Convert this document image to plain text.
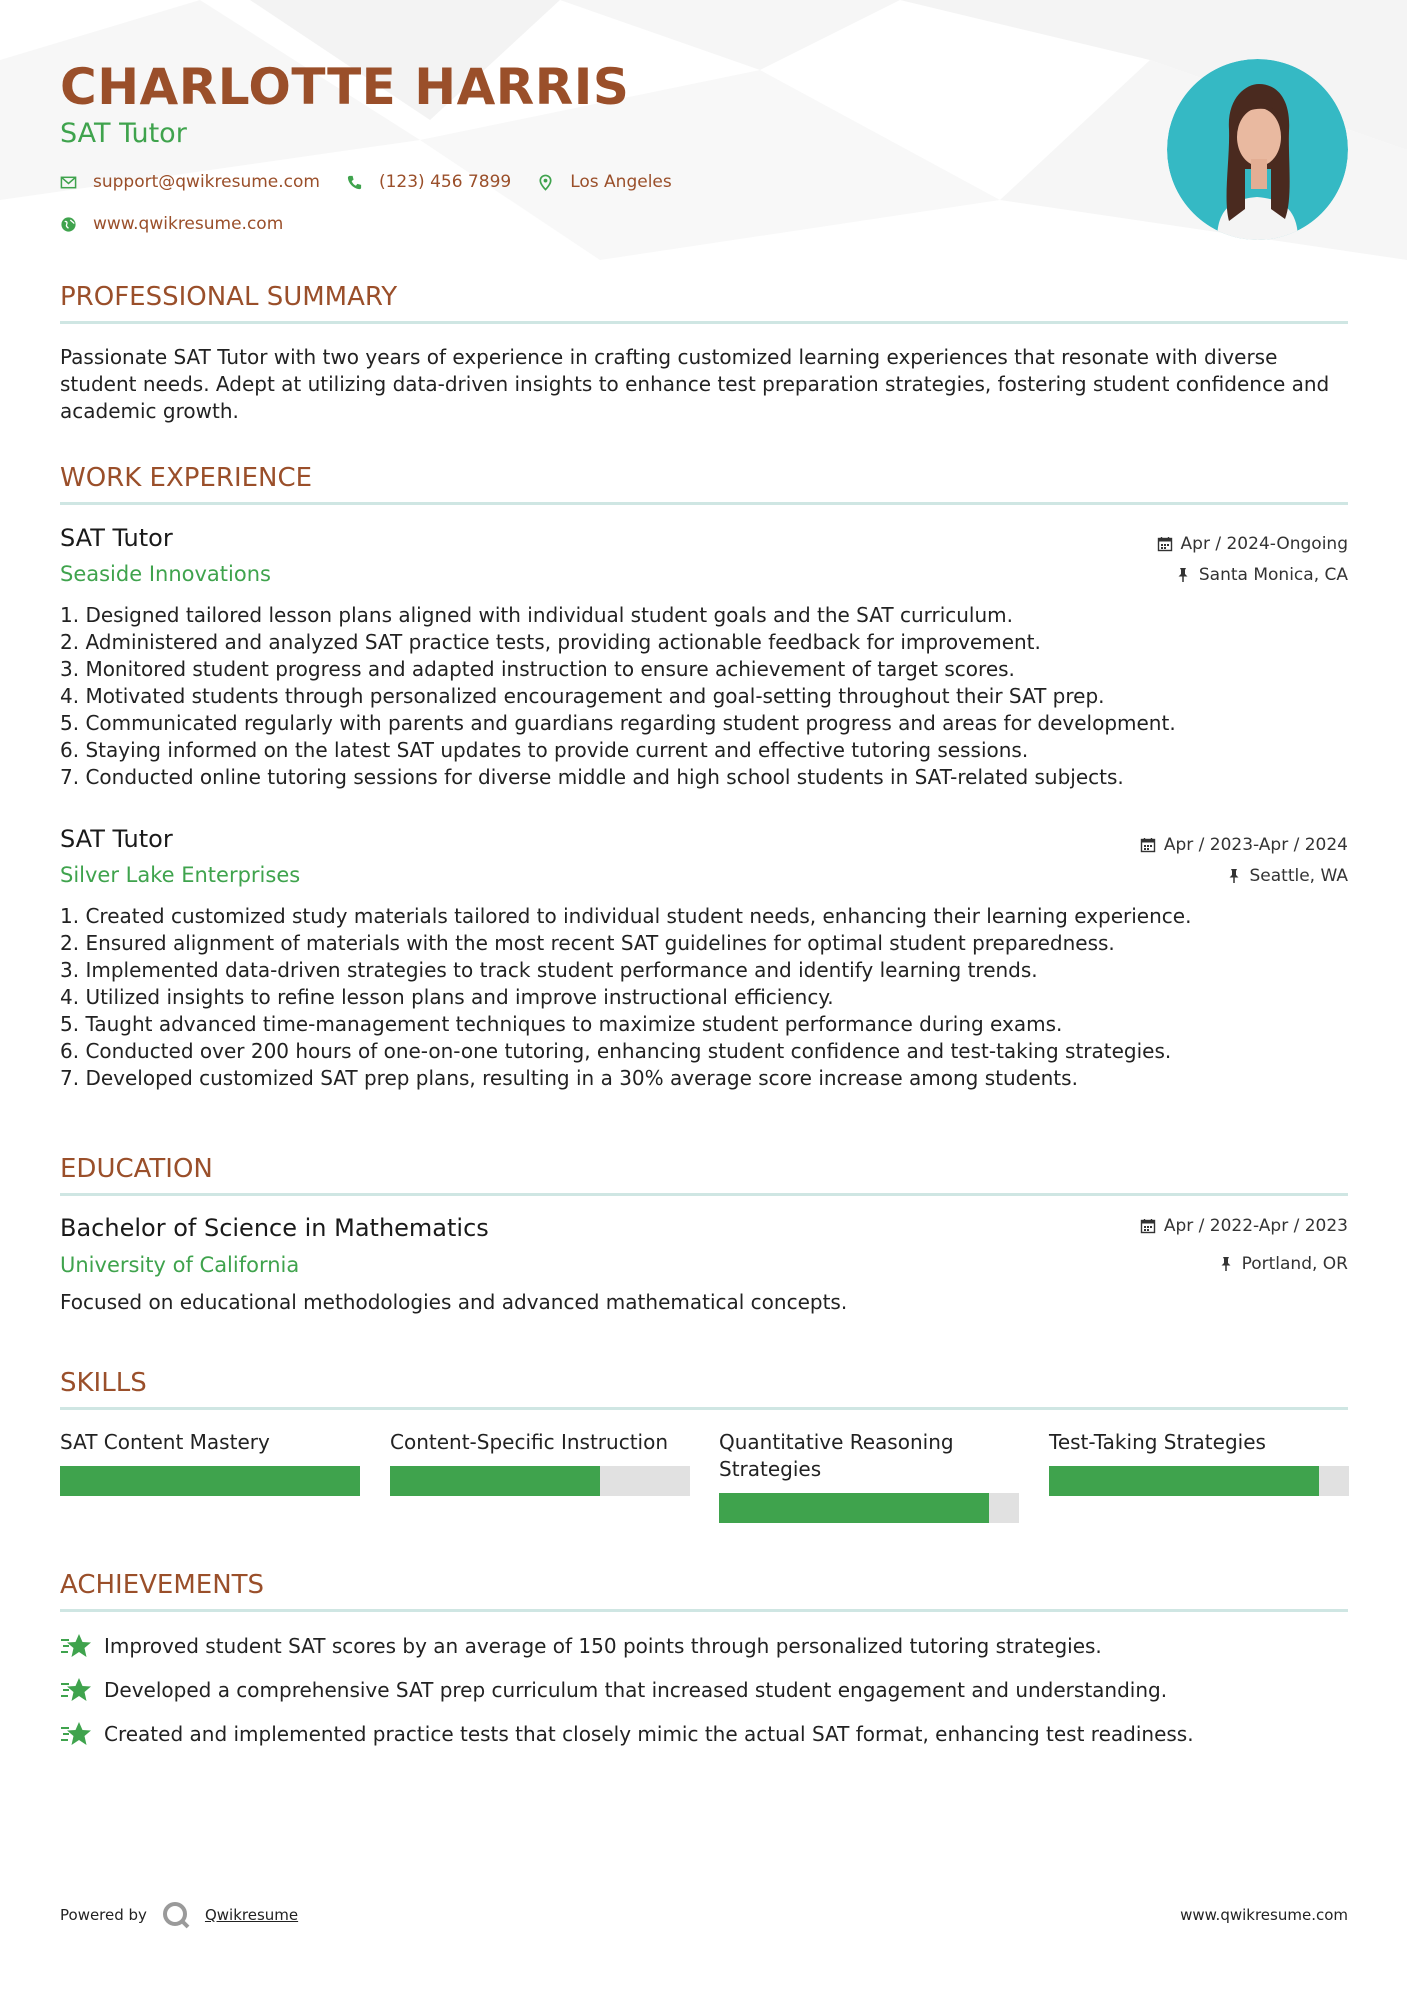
CHARLOTTE HARRIS
SAT Tutor
support@qwikresume.com	(123) 456 7899	Los Angeles
www.qwikresume.com
PROFESSIONAL SUMMARY

Passionate SAT Tutor with two years of experience in crafting customized learning experiences that resonate with diverse student needs. Adept at utilizing data-driven insights to enhance test preparation strategies, fostering student confidence and academic growth.

WORK EXPERIENCE
SAT Tutor
Seaside Innovations
Apr / 2024-Ongoing
Santa Monica, CA
1. Designed tailored lesson plans aligned with individual student goals and the SAT curriculum.
2. Administered and analyzed SAT practice tests, providing actionable feedback for improvement.
3. Monitored student progress and adapted instruction to ensure achievement of target scores.
4. Motivated students through personalized encouragement and goal-setting throughout their SAT prep.
5. Communicated regularly with parents and guardians regarding student progress and areas for development.
6. Staying informed on the latest SAT updates to provide current and effective tutoring sessions.
7. Conducted online tutoring sessions for diverse middle and high school students in SAT-related subjects.
SAT Tutor
Silver Lake Enterprises
Apr / 2023-Apr / 2024
Seattle, WA
1. Created customized study materials tailored to individual student needs, enhancing their learning experience.
2. Ensured alignment of materials with the most recent SAT guidelines for optimal student preparedness.
3. Implemented data-driven strategies to track student performance and identify learning trends.
4. Utilized insights to refine lesson plans and improve instructional efficiency.
5. Taught advanced time-management techniques to maximize student performance during exams.
6. Conducted over 200 hours of one-on-one tutoring, enhancing student confidence and test-taking strategies.
7. Developed customized SAT prep plans, resulting in a 30% average score increase among students.
EDUCATION
Bachelor of Science in Mathematics
University of California
Apr / 2022-Apr / 2023
Portland, OR

Focused on educational methodologies and advanced mathematical concepts.

SKILLS
SAT Content Mastery	Content-Specific Instruction	Quantitative Reasoning Strategies
Test-Taking Strategies
ACHIEVEMENTS
Improved student SAT scores by an average of 150 points through personalized tutoring strategies.
Developed a comprehensive SAT prep curriculum that increased student engagement and understanding.
Created and implemented practice tests that closely mimic the actual SAT format, enhancing test readiness.
Powered by	Qwikresume	www.qwikresume.com
